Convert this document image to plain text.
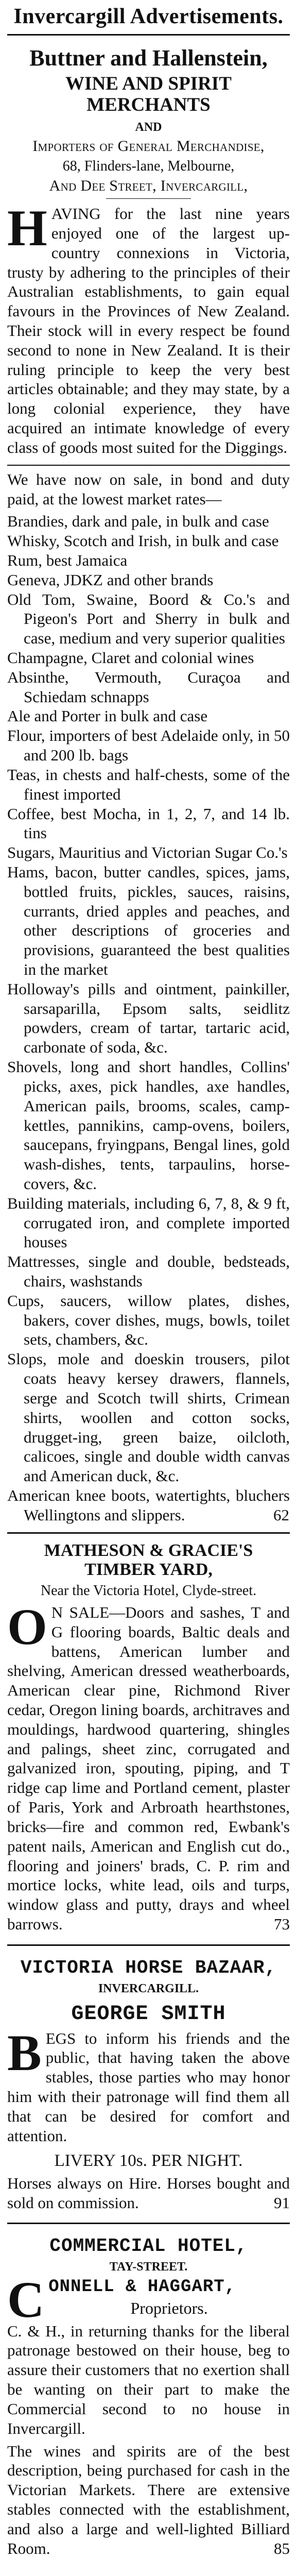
Invercargill Advertisements.
Buttner and Hallenstein,
WINE AND SPIRIT MERCHANTS
AND
Importers of General Merchandise,
68, Flinders-lane, Melbourne,
And Dee Street, Invercargill,

HAVING for the last nine years enjoyed one of the largest up-country connexions in Victoria, trusty by adhering to the principles of their Australian establishments, to gain equal favours in the Provinces of New Zealand. Their stock will in every respect be found second to none in New Zealand. It is their ruling principle to keep the very best articles obtainable; and they may state, by a long colonial experience, they have acquired an intimate knowledge of every class of goods most suited for the Diggings.

We have now on sale, in bond and duty paid, at the lowest market rates—

Brandies, dark and pale, in bulk and case
Whisky, Scotch and Irish, in bulk and case
Rum, best Jamaica
Geneva, JDKZ and other brands
Old Tom, Swaine, Boord & Co.'s and Pigeon's Port and Sherry in bulk and case, medium and very superior qualities
Champagne, Claret and colonial wines
Absinthe, Vermouth, Curaçoa and Schiedam schnapps
Ale and Porter in bulk and case
Flour, importers of best Adelaide only, in 50 and 200 lb. bags
Teas, in chests and half-chests, some of the finest imported
Coffee, best Mocha, in 1, 2, 7, and 14 lb. tins
Sugars, Mauritius and Victorian Sugar Co.'s
Hams, bacon, butter candles, spices, jams, bottled fruits, pickles, sauces, raisins, currants, dried apples and peaches, and other descriptions of groceries and provisions, guaranteed the best qualities in the market
Holloway's pills and ointment, painkiller, sarsaparilla, Epsom salts, seidlitz powders, cream of tartar, tartaric acid, carbonate of soda, &c.
Shovels, long and short handles, Collins' picks, axes, pick handles, axe handles, American pails, brooms, scales, camp-kettles, pannikins, camp-ovens, boilers, saucepans, fryingpans, Bengal lines, gold wash-dishes, tents, tarpaulins, horse-covers, &c.
Building materials, including 6, 7, 8, & 9 ft, corrugated iron, and complete imported houses
Mattresses, single and double, bedsteads, chairs, washstands
Cups, saucers, willow plates, dishes, bakers, cover dishes, mugs, bowls, toilet sets, chambers, &c.
Slops, mole and doeskin trousers, pilot coats heavy kersey drawers, flannels, serge and Scotch twill shirts, Crimean shirts, woollen and cotton socks, drugget-ing, green baize, oilcloth, calicoes, single and double width canvas and American duck, &c.
American knee boots, watertights, bluchers Wellingtons and slippers.	62
MATHESON & GRACIE'S TIMBER YARD,
Near the Victoria Hotel, Clyde-street.

O N SALE—Doors and sashes, T and G flooring boards, Baltic deals and battens, American lumber and shelving, American dressed weatherboards, American clear pine, Richmond River cedar, Oregon lining boards, architraves and mouldings, hardwood quartering, shingles and palings, sheet zinc, corrugated and galvanized iron, spouting, piping, and T ridge cap lime and Portland cement, plaster of Paris, York and Arbroath hearthstones, bricks—fire and common red, Ewbank's patent nails, American and English cut do., flooring and joiners' brads, C. P. rim and mortice locks, white lead, oils and turps, window glass and putty, drays and wheel barrows.	73

VICTORIA HORSE BAZAAR,
INVERCARGILL.
GEORGE SMITH

BEGS to inform his friends and the public, that having taken the above stables, those parties who may honor him with their patronage will find them all that can be desired for comfort and attention.

LIVERY 10s. PER NIGHT.

Horses always on Hire. Horses bought and sold on commission.	91

COMMERCIAL HOTEL,
TAY-STREET.
C ONNELL & HAGGART,
Proprietors.

C. & H., in returning thanks for the liberal patronage bestowed on their house, beg to assure their customers that no exertion shall be wanting on their part to make the Commercial second to no house in Invercargill.

The wines and spirits are of the best description, being purchased for cash in the Victorian Markets. There are extensive stables connected with the establishment, and also a large and well-lighted Billiard Room.	85
